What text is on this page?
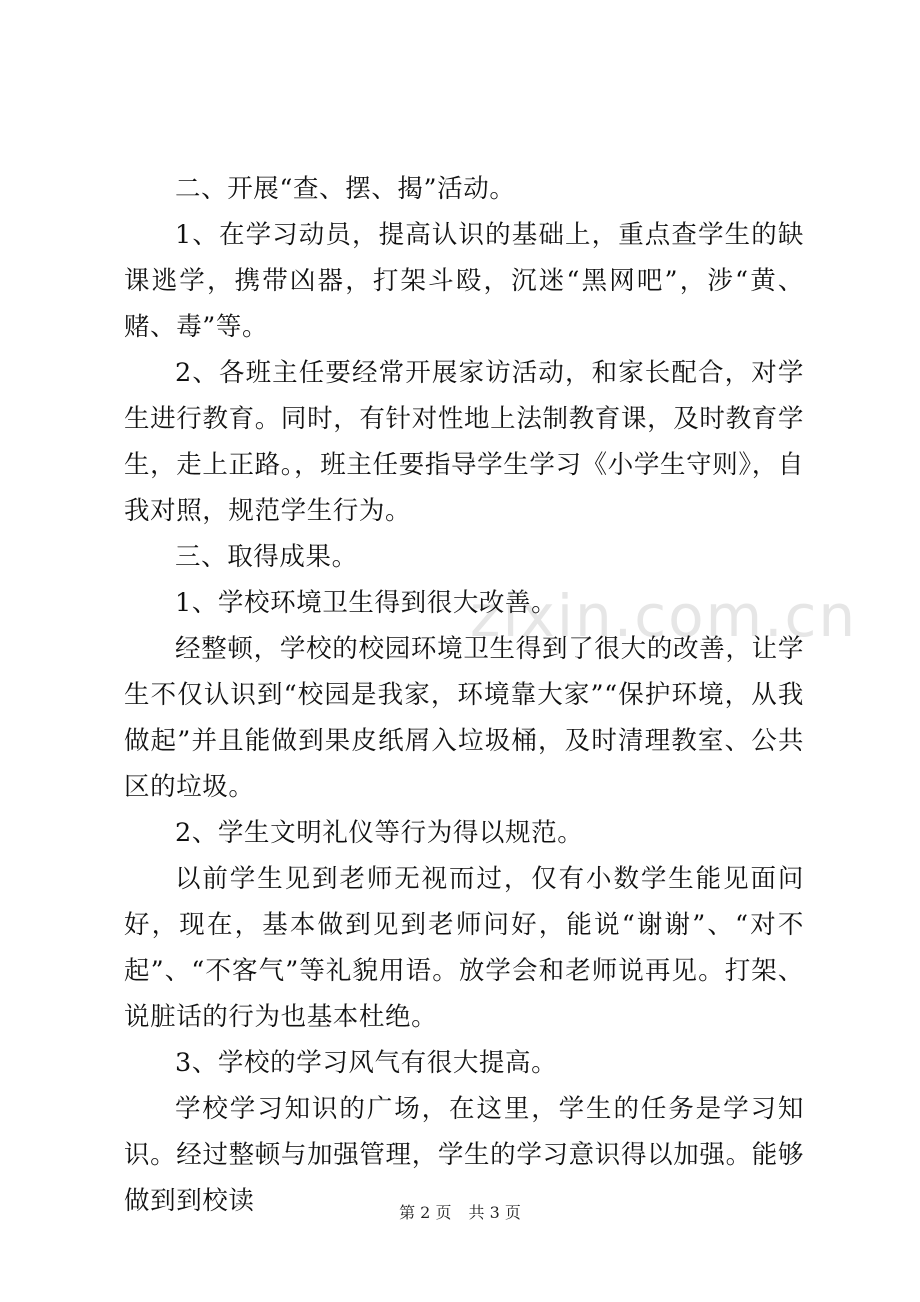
zixin.com.cn

二、开展“查、摆、揭”活动。

1、在学习动员，提高认识的基础上，重点查学生的缺课逃学，携带凶器，打架斗殴，沉迷“黑网吧”，涉“黄、赌、毒”等。

2、各班主任要经常开展家访活动，和家长配合，对学生进行教育。同时，有针对性地上法制教育课，及时教育学生，走上正路。，班主任要指导学生学习《小学生守则》，自我对照，规范学生行为。

三、取得成果。

1、学校环境卫生得到很大改善。

经整顿，学校的校园环境卫生得到了很大的改善，让学生不仅认识到“校园是我家，环境靠大家”“保护环境，从我做起”并且能做到果皮纸屑入垃圾桶，及时清理教室、公共区的垃圾。

2、学生文明礼仪等行为得以规范。

以前学生见到老师无视而过，仅有小数学生能见面问好，现在，基本做到见到老师问好，能说“谢谢”、“对不起”、“不客气”等礼貌用语。放学会和老师说再见。打架、说脏话的行为也基本杜绝。

3、学校的学习风气有很大提高。

学校学习知识的广场，在这里，学生的任务是学习知识。经过整顿与加强管理，学生的学习意识得以加强。能够做到到校读	第 2 页 共 3 页
